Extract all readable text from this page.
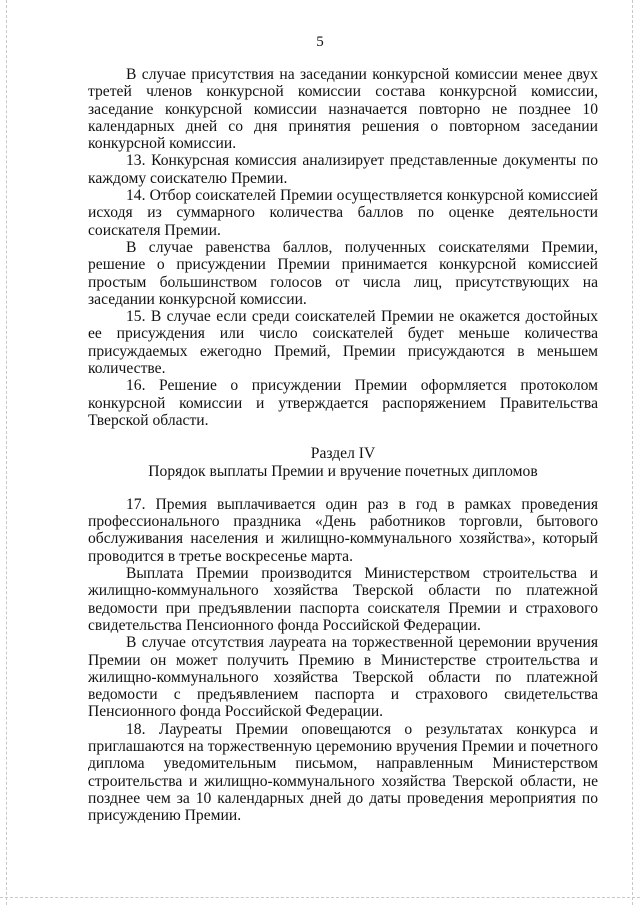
5

В случае присутствия на заседании конкурсной комиссии менее двух третей членов конкурсной комиссии состава конкурсной комиссии, заседание конкурсной комиссии назначается повторно не позднее 10 календарных дней со дня принятия решения о повторном заседании конкурсной комиссии.

13. Конкурсная комиссия анализирует представленные документы по каждому соискателю Премии.

14. Отбор соискателей Премии осуществляется конкурсной комиссией исходя из суммарного количества баллов по оценке деятельности соискателя Премии.

В случае равенства баллов, полученных соискателями Премии, решение о присуждении Премии принимается конкурсной комиссией простым большинством голосов от числа лиц, присутствующих на заседании конкурсной комиссии.

15. В случае если среди соискателей Премии не окажется достойных ее присуждения или число соискателей будет меньше количества присуждаемых ежегодно Премий, Премии присуждаются в меньшем количестве.

16. Решение о присуждении Премии оформляется протоколом конкурсной комиссии и утверждается распоряжением Правительства Тверской области.

Раздел IV

Порядок выплаты Премии и вручение почетных дипломов

17. Премия выплачивается один раз в год в рамках проведения профессионального праздника «День работников торговли, бытового обслуживания населения и жилищно-коммунального хозяйства», который проводится в третье воскресенье марта.

Выплата Премии производится Министерством строительства и жилищно-коммунального хозяйства Тверской области по платежной ведомости при предъявлении паспорта соискателя Премии и страхового свидетельства Пенсионного фонда Российской Федерации.

В случае отсутствия лауреата на торжественной церемонии вручения Премии он может получить Премию в Министерстве строительства и жилищно-коммунального хозяйства Тверской области по платежной ведомости с предъявлением паспорта и страхового свидетельства Пенсионного фонда Российской Федерации.

18. Лауреаты Премии оповещаются о результатах конкурса и приглашаются на торжественную церемонию вручения Премии и почетного диплома уведомительным письмом, направленным Министерством строительства и жилищно-коммунального хозяйства Тверской области, не позднее чем за 10 календарных дней до даты проведения мероприятия по присуждению Премии.
